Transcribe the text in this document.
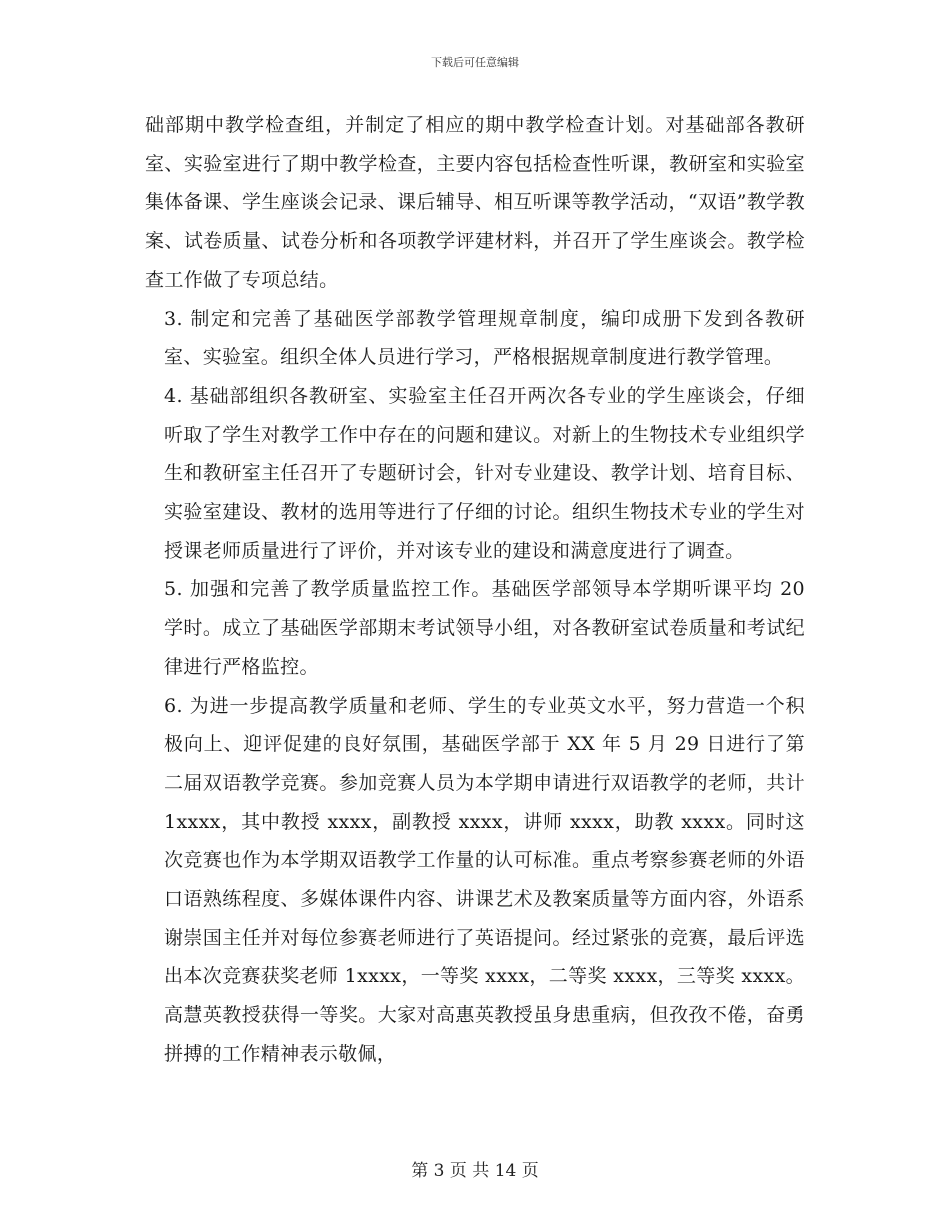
下载后可任意编辑

础部期中教学检查组，并制定了相应的期中教学检查计划。对基础部各教研室、实验室进行了期中教学检查，主要内容包括检查性听课，教研室和实验室集体备课、学生座谈会记录、课后辅导、相互听课等教学活动，“双语”教学教案、试卷质量、试卷分析和各项教学评建材料，并召开了学生座谈会。教学检查工作做了专项总结。

3. 制定和完善了基础医学部教学管理规章制度，编印成册下发到各教研室、实验室。组织全体人员进行学习，严格根据规章制度进行教学管理。

4. 基础部组织各教研室、实验室主任召开两次各专业的学生座谈会，仔细听取了学生对教学工作中存在的问题和建议。对新上的生物技术专业组织学生和教研室主任召开了专题研讨会，针对专业建设、教学计划、培育目标、实验室建设、教材的选用等进行了仔细的讨论。组织生物技术专业的学生对授课老师质量进行了评价，并对该专业的建设和满意度进行了调查。

5. 加强和完善了教学质量监控工作。基础医学部领导本学期听课平均 20 学时。成立了基础医学部期末考试领导小组，对各教研室试卷质量和考试纪律进行严格监控。

6. 为进一步提高教学质量和老师、学生的专业英文水平，努力营造一个积极向上、迎评促建的良好氛围，基础医学部于 XX 年 5 月 29 日进行了第二届双语教学竞赛。参加竞赛人员为本学期申请进行双语教学的老师，共计 1xxxx，其中教授 xxxx，副教授 xxxx，讲师 xxxx，助教 xxxx。同时这次竞赛也作为本学期双语教学工作量的认可标准。重点考察参赛老师的外语口语熟练程度、多媒体课件内容、讲课艺术及教案质量等方面内容，外语系谢崇国主任并对每位参赛老师进行了英语提问。经过紧张的竞赛，最后评选出本次竞赛获奖老师 1xxxx，一等奖 xxxx，二等奖 xxxx，三等奖 xxxx。高慧英教授获得一等奖。大家对高惠英教授虽身患重病，但孜孜不倦，奋勇拼搏的工作精神表示敬佩，

第 3 页 共 14 页
